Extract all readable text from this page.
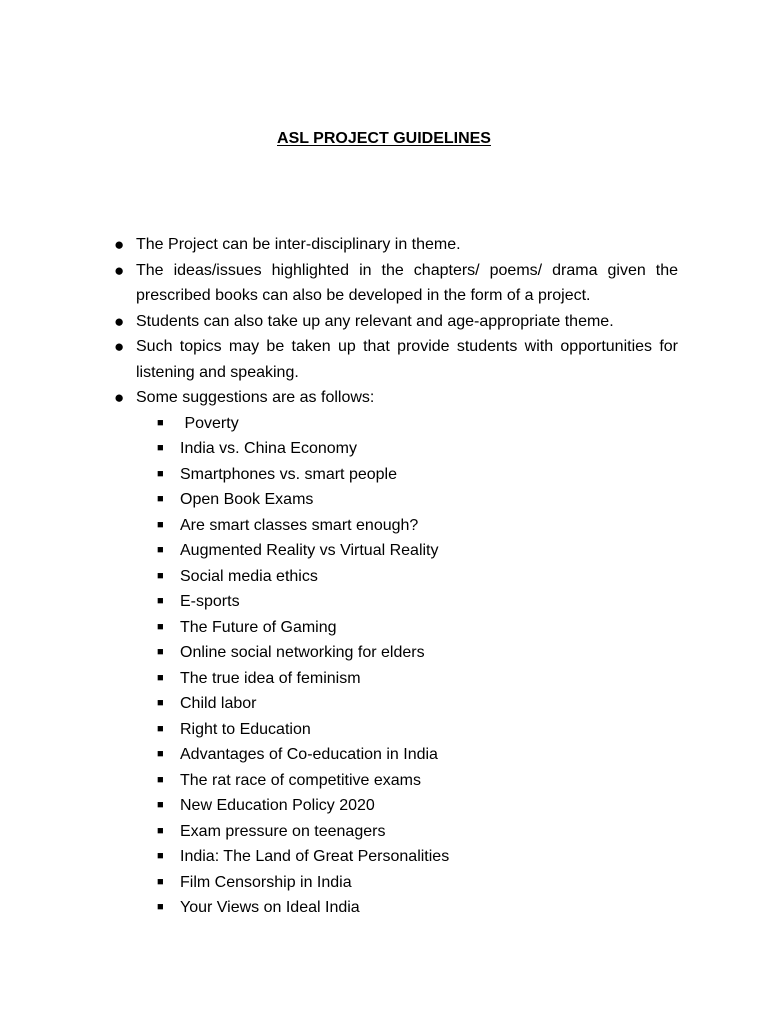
ASL PROJECT GUIDELINES
● The Project can be inter-disciplinary in theme.
● The ideas/issues highlighted in the chapters/ poems/ drama given the prescribed books can also be developed in the form of a project.
● Students can also take up any relevant and age-appropriate theme.
● Such topics may be taken up that provide students with opportunities for listening and speaking.
● Some suggestions are as follows:
■ Poverty
■ India vs. China Economy
■ Smartphones vs. smart people
■ Open Book Exams
■ Are smart classes smart enough?
■ Augmented Reality vs Virtual Reality
■ Social media ethics
■ E-sports
■ The Future of Gaming
■ Online social networking for elders
■ The true idea of feminism
■ Child labor
■ Right to Education
■ Advantages of Co-education in India
■ The rat race of competitive exams
■ New Education Policy 2020
■ Exam pressure on teenagers
■ India: The Land of Great Personalities
■ Film Censorship in India
■ Your Views on Ideal India
